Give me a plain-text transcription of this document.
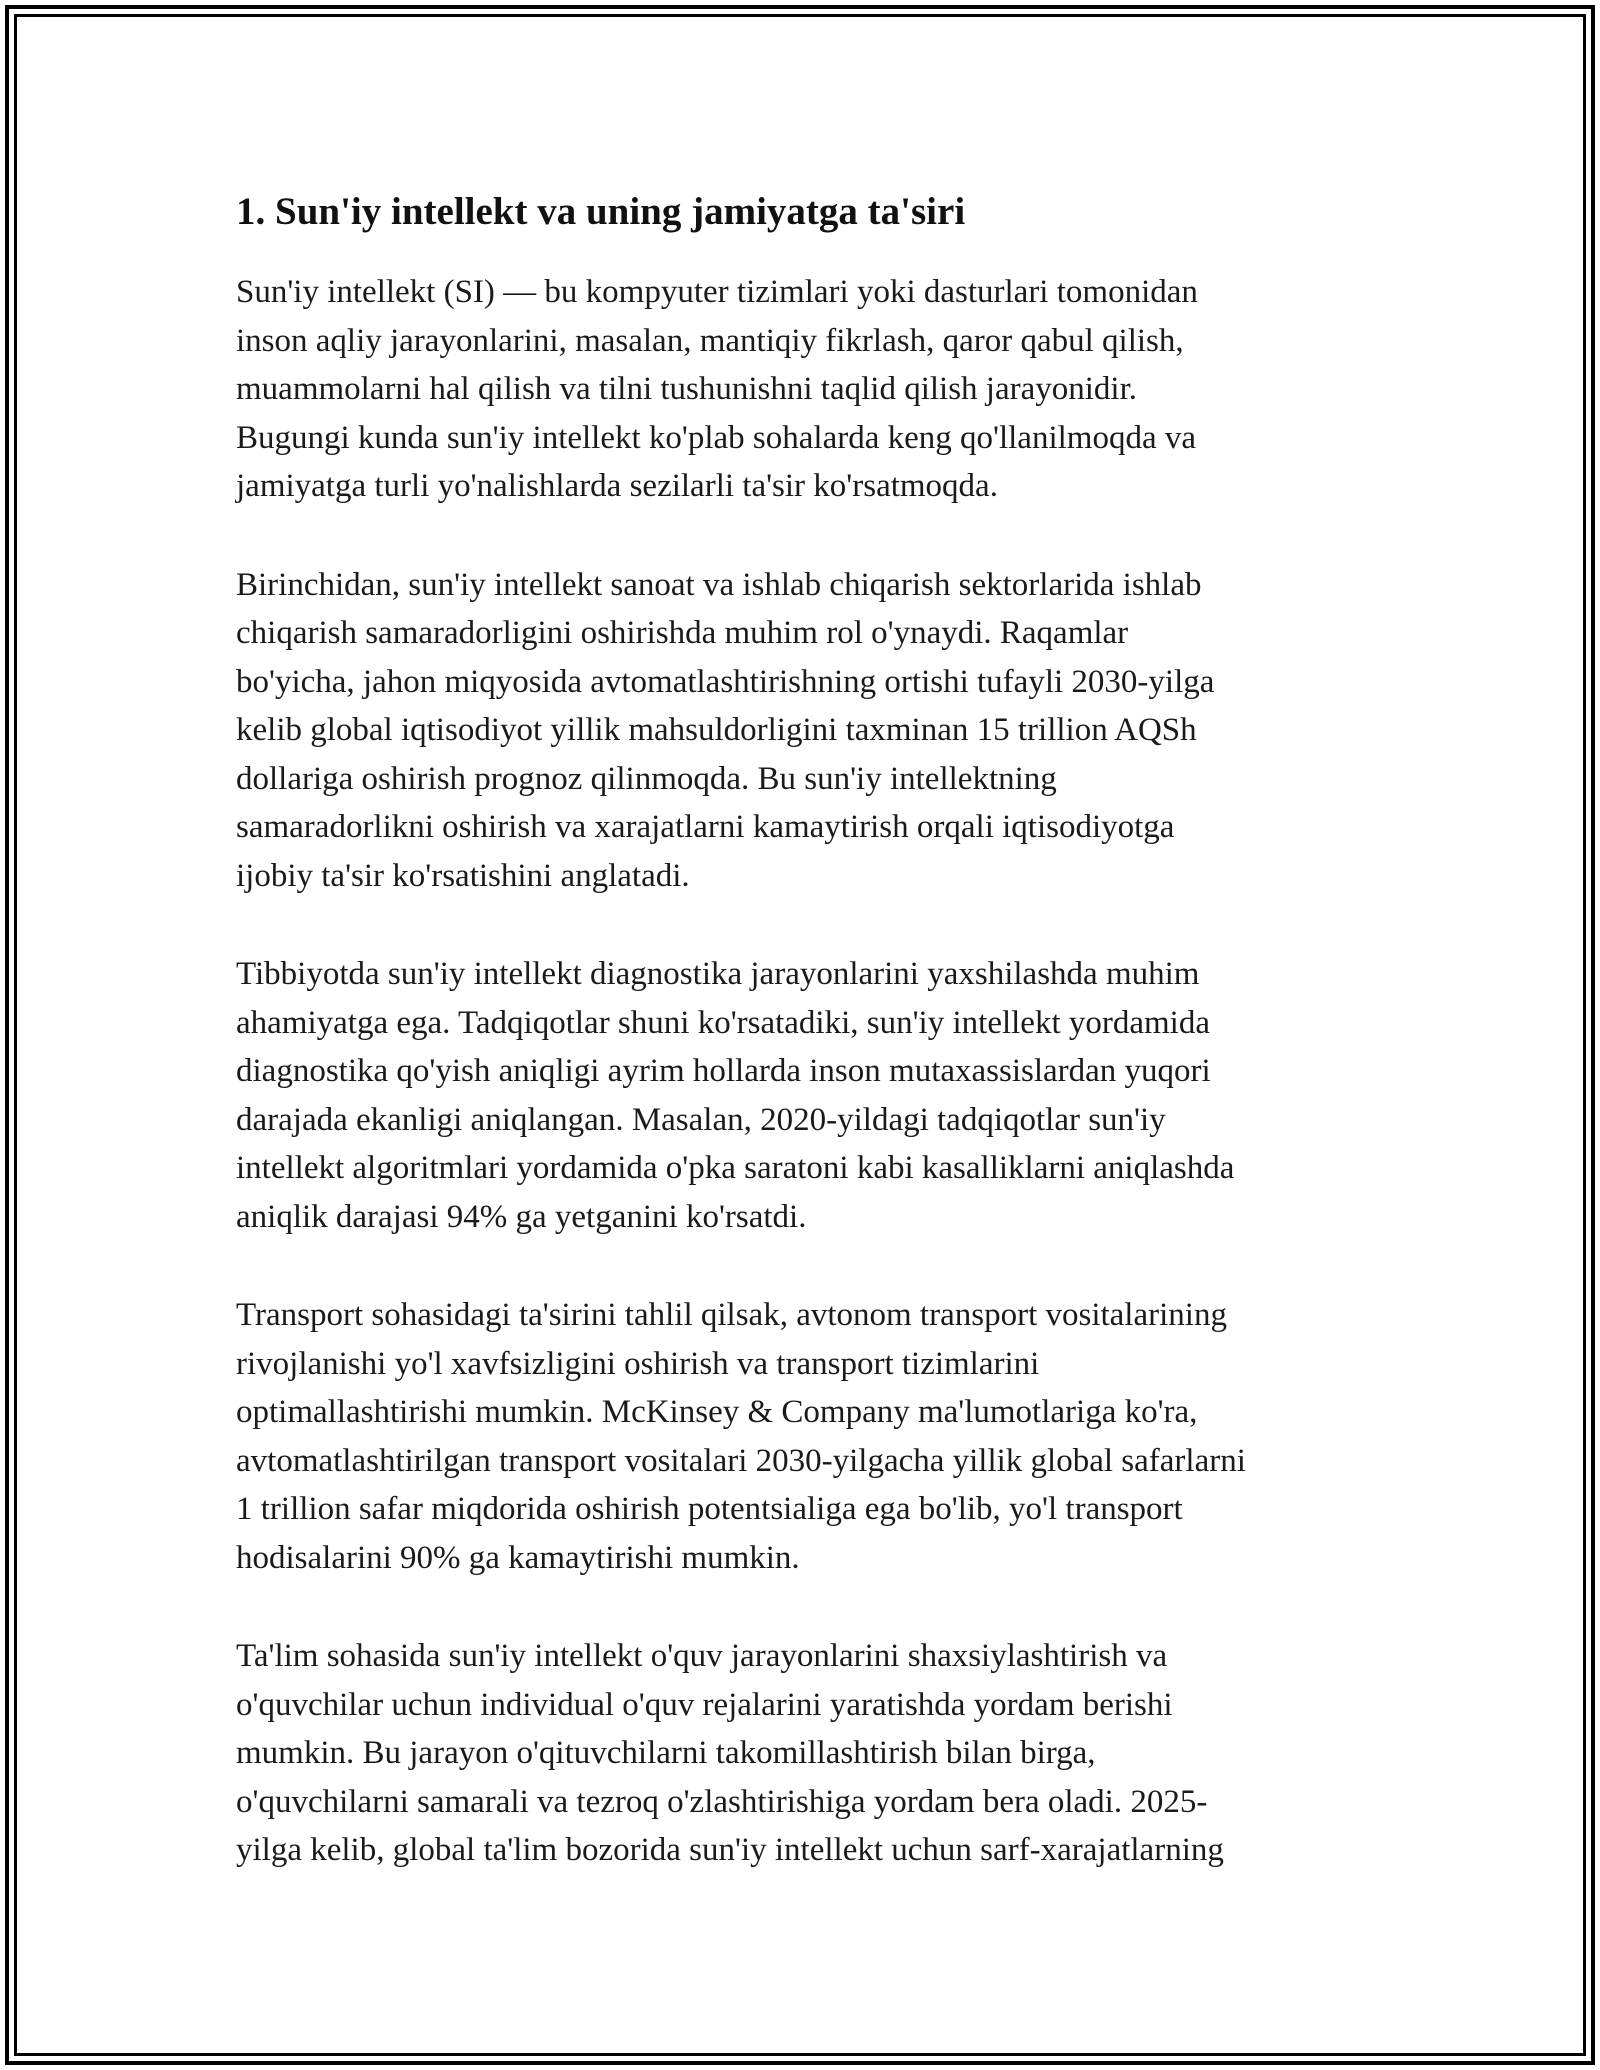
1. Sun'iy intellekt va uning jamiyatga ta'siri

Sun'iy intellekt (SI) — bu kompyuter tizimlari yoki dasturlari tomonidan
inson aqliy jarayonlarini, masalan, mantiqiy fikrlash, qaror qabul qilish,
muammolarni hal qilish va tilni tushunishni taqlid qilish jarayonidir.
Bugungi kunda sun'iy intellekt ko'plab sohalarda keng qo'llanilmoqda va
jamiyatga turli yo'nalishlarda sezilarli ta'sir ko'rsatmoqda.

Birinchidan, sun'iy intellekt sanoat va ishlab chiqarish sektorlarida ishlab
chiqarish samaradorligini oshirishda muhim rol o'ynaydi. Raqamlar
bo'yicha, jahon miqyosida avtomatlashtirishning ortishi tufayli 2030-yilga
kelib global iqtisodiyot yillik mahsuldorligini taxminan 15 trillion AQSh
dollariga oshirish prognoz qilinmoqda. Bu sun'iy intellektning
samaradorlikni oshirish va xarajatlarni kamaytirish orqali iqtisodiyotga
ijobiy ta'sir ko'rsatishini anglatadi.

Tibbiyotda sun'iy intellekt diagnostika jarayonlarini yaxshilashda muhim
ahamiyatga ega. Tadqiqotlar shuni ko'rsatadiki, sun'iy intellekt yordamida
diagnostika qo'yish aniqligi ayrim hollarda inson mutaxassislardan yuqori
darajada ekanligi aniqlangan. Masalan, 2020-yildagi tadqiqotlar sun'iy
intellekt algoritmlari yordamida o'pka saratoni kabi kasalliklarni aniqlashda
aniqlik darajasi 94% ga yetganini ko'rsatdi.

Transport sohasidagi ta'sirini tahlil qilsak, avtonom transport vositalarining
rivojlanishi yo'l xavfsizligini oshirish va transport tizimlarini
optimallashtirishi mumkin. McKinsey & Company ma'lumotlariga ko'ra,
avtomatlashtirilgan transport vositalari 2030-yilgacha yillik global safarlarni
1 trillion safar miqdorida oshirish potentsialiga ega bo'lib, yo'l transport
hodisalarini 90% ga kamaytirishi mumkin.

Ta'lim sohasida sun'iy intellekt o'quv jarayonlarini shaxsiylashtirish va
o'quvchilar uchun individual o'quv rejalarini yaratishda yordam berishi
mumkin. Bu jarayon o'qituvchilarni takomillashtirish bilan birga,
o'quvchilarni samarali va tezroq o'zlashtirishiga yordam bera oladi. 2025-
yilga kelib, global ta'lim bozorida sun'iy intellekt uchun sarf-xarajatlarning
